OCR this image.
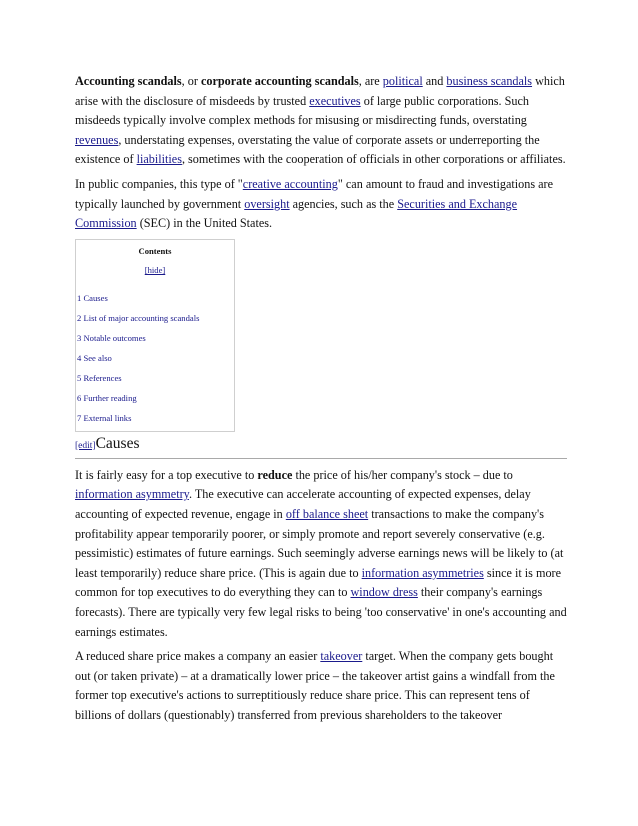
Accounting scandals, or corporate accounting scandals, are political and business scandals which arise with the disclosure of misdeeds by trusted executives of large public corporations. Such misdeeds typically involve complex methods for misusing or misdirecting funds, overstating revenues, understating expenses, overstating the value of corporate assets or underreporting the existence of liabilities, sometimes with the cooperation of officials in other corporations or affiliates.

In public companies, this type of "creative accounting" can amount to fraud and investigations are typically launched by government oversight agencies, such as the Securities and Exchange Commission (SEC) in the United States.

Contents
[hide]
1 Causes
2 List of major accounting scandals
3 Notable outcomes
4 See also
5 References
6 Further reading
7 External links
[edit]Causes

It is fairly easy for a top executive to reduce the price of his/her company's stock – due to information asymmetry. The executive can accelerate accounting of expected expenses, delay accounting of expected revenue, engage in off balance sheet transactions to make the company's profitability appear temporarily poorer, or simply promote and report severely conservative (e.g. pessimistic) estimates of future earnings. Such seemingly adverse earnings news will be likely to (at least temporarily) reduce share price. (This is again due to information asymmetries since it is more common for top executives to do everything they can to window dress their company's earnings forecasts). There are typically very few legal risks to being 'too conservative' in one's accounting and earnings estimates.

A reduced share price makes a company an easier takeover target. When the company gets bought out (or taken private) – at a dramatically lower price – the takeover artist gains a windfall from the former top executive's actions to surreptitiously reduce share price. This can represent tens of billions of dollars (questionably) transferred from previous shareholders to the takeover
